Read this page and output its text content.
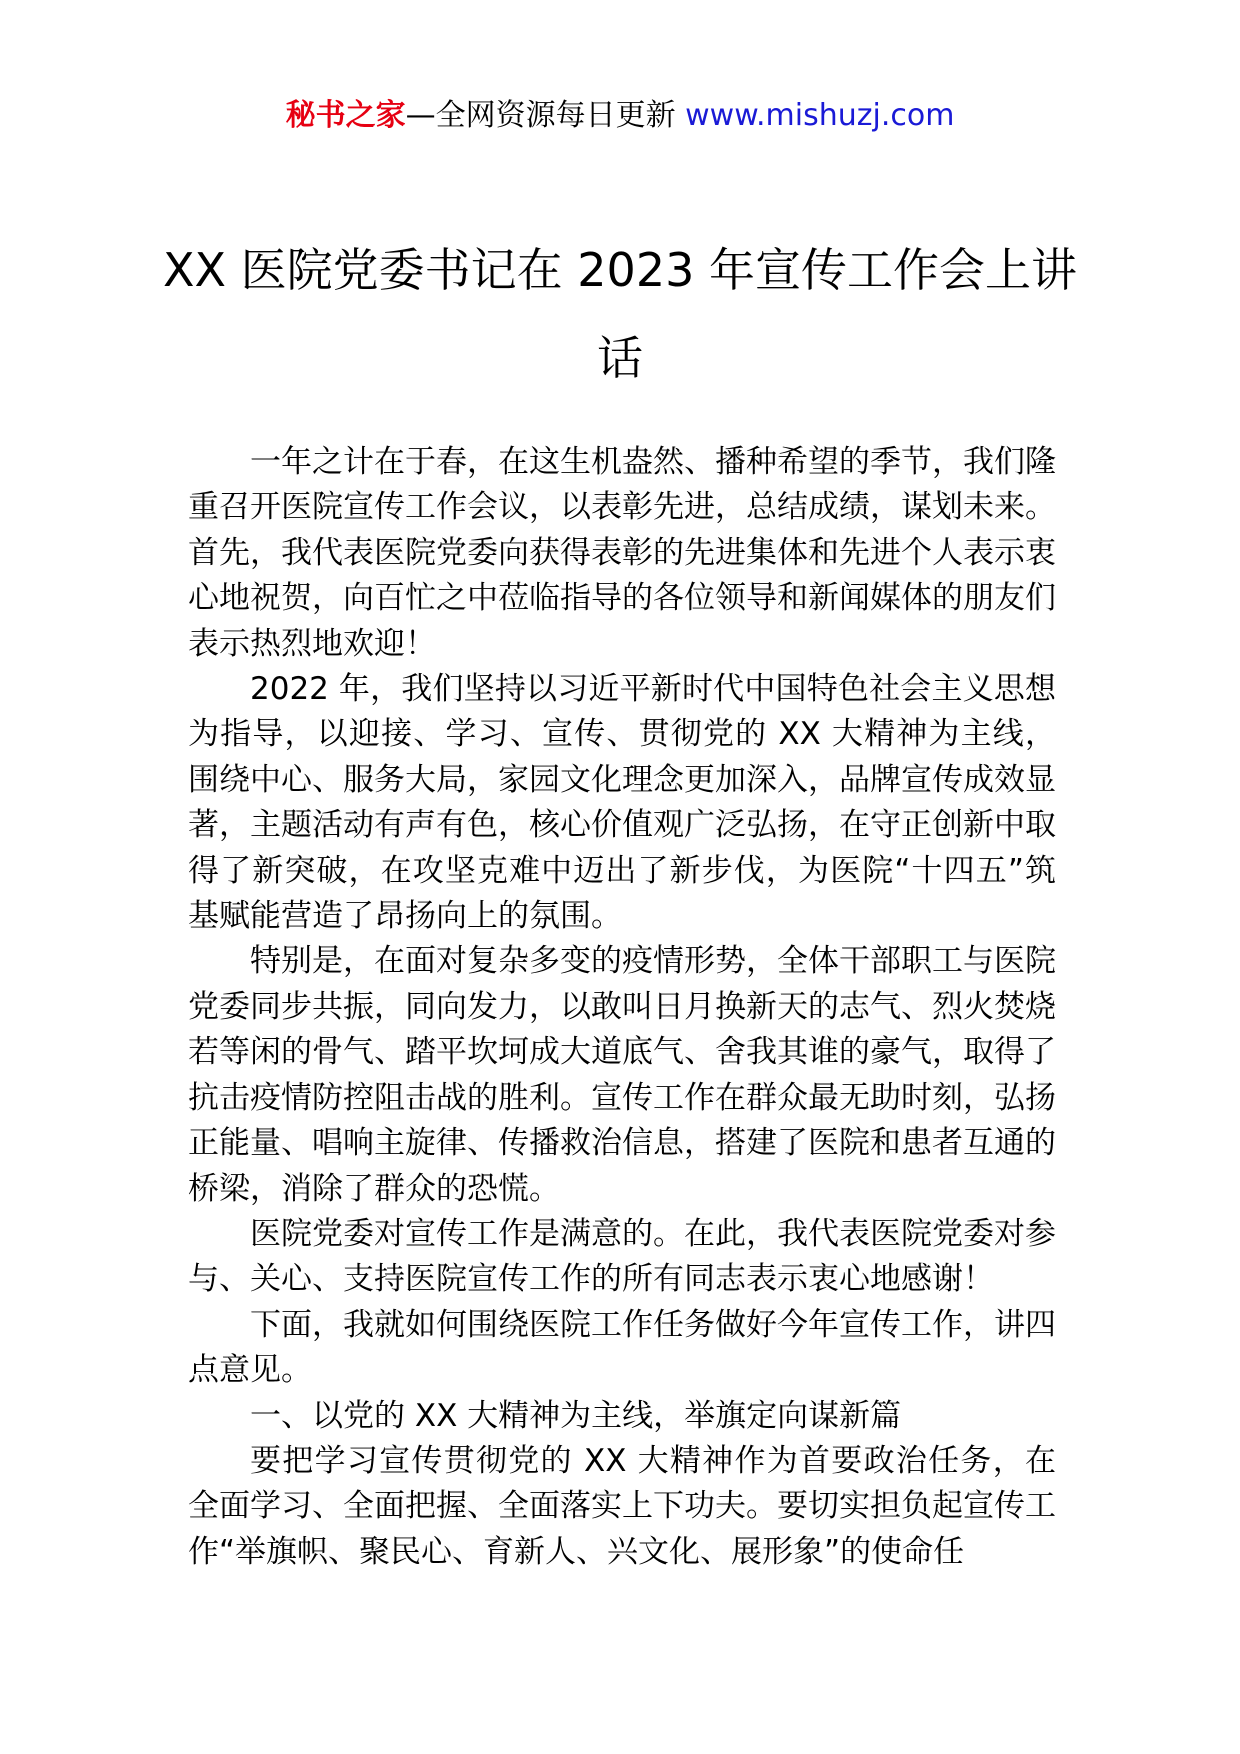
秘书之家—全网资源每日更新 www.mishuzj.com
XX 医院党委书记在 2023 年宣传工作会上讲话

一年之计在于春，在这生机盎然、播种希望的季节，我们隆重召开医院宣传工作会议，以表彰先进，总结成绩，谋划未来。首先，我代表医院党委向获得表彰的先进集体和先进个人表示衷心地祝贺，向百忙之中莅临指导的各位领导和新闻媒体的朋友们表示热烈地欢迎！

2022 年，我们坚持以习近平新时代中国特色社会主义思想为指导，以迎接、学习、宣传、贯彻党的 XX 大精神为主线，围绕中心、服务大局，家园文化理念更加深入，品牌宣传成效显著，主题活动有声有色，核心价值观广泛弘扬，在守正创新中取得了新突破，在攻坚克难中迈出了新步伐，为医院“十四五”筑基赋能营造了昂扬向上的氛围。

特别是，在面对复杂多变的疫情形势，全体干部职工与医院党委同步共振，同向发力，以敢叫日月换新天的志气、烈火焚烧若等闲的骨气、踏平坎坷成大道底气、舍我其谁的豪气，取得了抗击疫情防控阻击战的胜利。宣传工作在群众最无助时刻，弘扬正能量、唱响主旋律、传播救治信息，搭建了医院和患者互通的桥梁，消除了群众的恐慌。

医院党委对宣传工作是满意的。在此，我代表医院党委对参与、关心、支持医院宣传工作的所有同志表示衷心地感谢！

下面，我就如何围绕医院工作任务做好今年宣传工作，讲四点意见。

一、以党的 XX 大精神为主线，举旗定向谋新篇

要把学习宣传贯彻党的 XX 大精神作为首要政治任务，在全面学习、全面把握、全面落实上下功夫。要切实担负起宣传工作“举旗帜、聚民心、育新人、兴文化、展形象”的使命任
